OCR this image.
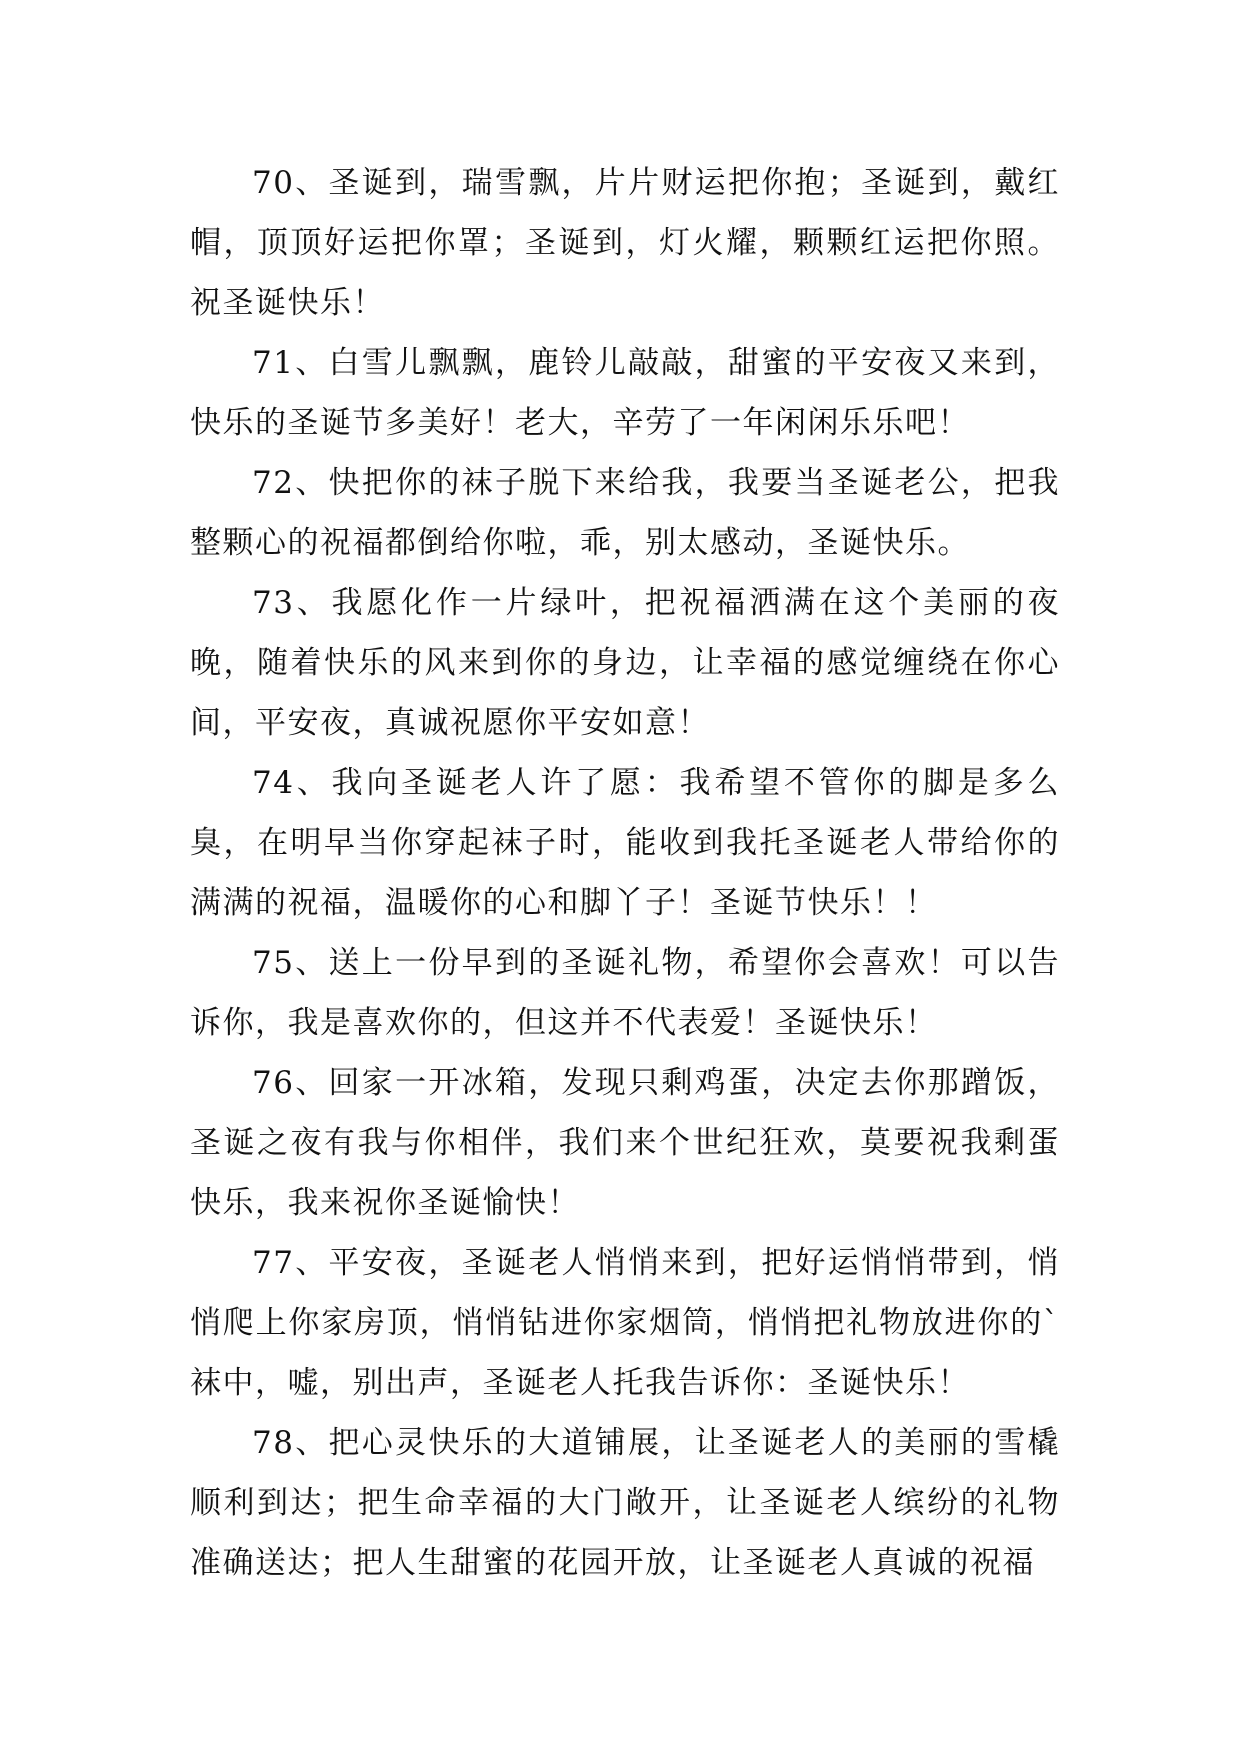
70、圣诞到，瑞雪飘，片片财运把你抱；圣诞到，戴红帽，顶顶好运把你罩；圣诞到，灯火耀，颗颗红运把你照。祝圣诞快乐！

71、白雪儿飘飘，鹿铃儿敲敲，甜蜜的平安夜又来到，快乐的圣诞节多美好！老大，辛劳了一年闲闲乐乐吧！

72、快把你的袜子脱下来给我，我要当圣诞老公，把我整颗心的祝福都倒给你啦，乖，别太感动，圣诞快乐。

73、我愿化作一片绿叶，把祝福洒满在这个美丽的夜晚，随着快乐的风来到你的身边，让幸福的感觉缠绕在你心间，平安夜，真诚祝愿你平安如意！

74、我向圣诞老人许了愿：我希望不管你的脚是多么臭，在明早当你穿起袜子时，能收到我托圣诞老人带给你的满满的祝福，温暖你的心和脚丫子！圣诞节快乐！！

75、送上一份早到的圣诞礼物，希望你会喜欢！可以告诉你，我是喜欢你的，但这并不代表爱！圣诞快乐！

76、回家一开冰箱，发现只剩鸡蛋，决定去你那蹭饭，圣诞之夜有我与你相伴，我们来个世纪狂欢，莫要祝我剩蛋快乐，我来祝你圣诞愉快！

77、平安夜，圣诞老人悄悄来到，把好运悄悄带到，悄悄爬上你家房顶，悄悄钻进你家烟筒，悄悄把礼物放进你的`袜中，嘘，别出声，圣诞老人托我告诉你：圣诞快乐！

78、把心灵快乐的大道铺展，让圣诞老人的美丽的雪橇顺利到达；把生命幸福的大门敞开，让圣诞老人缤纷的礼物准确送达；把人生甜蜜的花园开放，让圣诞老人真诚的祝福
